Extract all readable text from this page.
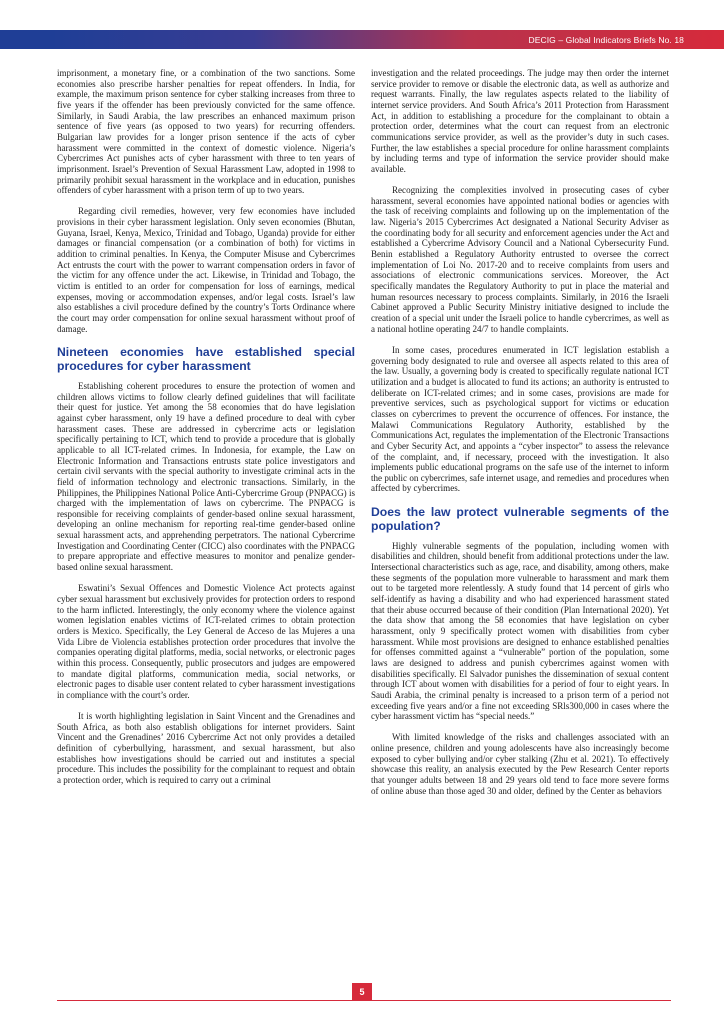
DECIG – Global Indicators Briefs No. 18

imprisonment, a monetary fine, or a combination of the two sanctions. Some economies also prescribe harsher penalties for repeat offenders. In India, for example, the maximum prison sentence for cyber stalking increases from three to five years if the offender has been previously convicted for the same offence. Similarly, in Saudi Arabia, the law prescribes an enhanced maximum prison sentence of five years (as opposed to two years) for recurring offenders. Bulgarian law provides for a longer prison sentence if the acts of cyber harassment were committed in the context of domestic violence. Nigeria’s Cybercrimes Act punishes acts of cyber harassment with three to ten years of imprisonment. Israel’s Prevention of Sexual Harassment Law, adopted in 1998 to primarily prohibit sexual harassment in the workplace and in education, punishes offenders of cyber harassment with a prison term of up to two years.

Regarding civil remedies, however, very few economies have included provisions in their cyber harassment legislation. Only seven economies (Bhutan, Guyana, Israel, Kenya, Mexico, Trinidad and Tobago, Uganda) provide for either damages or financial compensation (or a combination of both) for victims in addition to criminal penalties. In Kenya, the Computer Misuse and Cybercrimes Act entrusts the court with the power to warrant compensation orders in favor of the victim for any offence under the act. Likewise, in Trinidad and Tobago, the victim is entitled to an order for compensation for loss of earnings, medical expenses, moving or accommodation expenses, and/or legal costs. Israel’s law also establishes a civil procedure defined by the country’s Torts Ordinance where the court may order compensation for online sexual harassment without proof of damage.

Nineteen economies have established special procedures for cyber harassment

Establishing coherent procedures to ensure the protection of women and children allows victims to follow clearly defined guidelines that will facilitate their quest for justice. Yet among the 58 economies that do have legislation against cyber harassment, only 19 have a defined procedure to deal with cyber harassment cases. These are addressed in cybercrime acts or legislation specifically pertaining to ICT, which tend to provide a procedure that is globally applicable to all ICT-related crimes. In Indonesia, for example, the Law on Electronic Information and Transactions entrusts state police investigators and certain civil servants with the special authority to investigate criminal acts in the field of information technology and electronic transactions. Similarly, in the Philippines, the Philippines National Police Anti-Cybercrime Group (PNPACG) is charged with the implementation of laws on cybercrime. The PNPACG is responsible for receiving complaints of gender-based online sexual harassment, developing an online mechanism for reporting real-time gender-based online sexual harassment acts, and apprehending perpetrators. The national Cybercrime Investigation and Coordinating Center (CICC) also coordinates with the PNPACG to prepare appropriate and effective measures to monitor and penalize gender-based online sexual harassment.

Eswatini’s Sexual Offences and Domestic Violence Act protects against cyber sexual harassment but exclusively provides for protection orders to respond to the harm inflicted. Interestingly, the only economy where the violence against women legislation enables victims of ICT-related crimes to obtain protection orders is Mexico. Specifically, the Ley General de Acceso de las Mujeres a una Vida Libre de Violencia establishes protection order procedures that involve the companies operating digital platforms, media, social networks, or electronic pages within this process. Consequently, public prosecutors and judges are empowered to mandate digital platforms, communication media, social networks, or electronic pages to disable user content related to cyber harassment investigations in compliance with the court’s order.

It is worth highlighting legislation in Saint Vincent and the Grenadines and South Africa, as both also establish obligations for internet providers. Saint Vincent and the Grenadines’ 2016 Cybercrime Act not only provides a detailed definition of cyberbullying, harassment, and sexual harassment, but also establishes how investigations should be carried out and institutes a special procedure. This includes the possibility for the complainant to request and obtain a protection order, which is required to carry out a criminal

investigation and the related proceedings. The judge may then order the internet service provider to remove or disable the electronic data, as well as authorize and request warrants. Finally, the law regulates aspects related to the liability of internet service providers. And South Africa’s 2011 Protection from Harassment Act, in addition to establishing a procedure for the complainant to obtain a protection order, determines what the court can request from an electronic communications service provider, as well as the provider’s duty in such cases. Further, the law establishes a special procedure for online harassment complaints by including terms and type of information the service provider should make available.

Recognizing the complexities involved in prosecuting cases of cyber harassment, several economies have appointed national bodies or agencies with the task of receiving complaints and following up on the implementation of the law. Nigeria’s 2015 Cybercrimes Act designated a National Security Adviser as the coordinating body for all security and enforcement agencies under the Act and established a Cybercrime Advisory Council and a National Cybersecurity Fund. Benin established a Regulatory Authority entrusted to oversee the correct implementation of Loi No. 2017-20 and to receive complaints from users and associations of electronic communications services. Moreover, the Act specifically mandates the Regulatory Authority to put in place the material and human resources necessary to process complaints. Similarly, in 2016 the Israeli Cabinet approved a Public Security Ministry initiative designed to include the creation of a special unit under the Israeli police to handle cybercrimes, as well as a national hotline operating 24/7 to handle complaints.

In some cases, procedures enumerated in ICT legislation establish a governing body designated to rule and oversee all aspects related to this area of the law. Usually, a governing body is created to specifically regulate national ICT utilization and a budget is allocated to fund its actions; an authority is entrusted to deliberate on ICT-related crimes; and in some cases, provisions are made for preventive services, such as psychological support for victims or education classes on cybercrimes to prevent the occurrence of offences. For instance, the Malawi Communications Regulatory Authority, established by the Communications Act, regulates the implementation of the Electronic Transactions and Cyber Security Act, and appoints a “cyber inspector” to assess the relevance of the complaint, and, if necessary, proceed with the investigation. It also implements public educational programs on the safe use of the internet to inform the public on cybercrimes, safe internet usage, and remedies and procedures when affected by cybercrimes.

Does the law protect vulnerable segments of the population?

Highly vulnerable segments of the population, including women with disabilities and children, should benefit from additional protections under the law. Intersectional characteristics such as age, race, and disability, among others, make these segments of the population more vulnerable to harassment and mark them out to be targeted more relentlessly. A study found that 14 percent of girls who self-identify as having a disability and who had experienced harassment stated that their abuse occurred because of their condition (Plan International 2020). Yet the data show that among the 58 economies that have legislation on cyber harassment, only 9 specifically protect women with disabilities from cyber harassment. While most provisions are designed to enhance established penalties for offenses committed against a “vulnerable” portion of the population, some laws are designed to address and punish cybercrimes against women with disabilities specifically. El Salvador punishes the dissemination of sexual content through ICT about women with disabilities for a period of four to eight years. In Saudi Arabia, the criminal penalty is increased to a prison term of a period not exceeding five years and/or a fine not exceeding SRls300,000 in cases where the cyber harassment victim has “special needs.”

With limited knowledge of the risks and challenges associated with an online presence, children and young adolescents have also increasingly become exposed to cyber bullying and/or cyber stalking (Zhu et al. 2021). To effectively showcase this reality, an analysis executed by the Pew Research Center reports that younger adults between 18 and 29 years old tend to face more severe forms of online abuse than those aged 30 and older, defined by the Center as behaviors

5
